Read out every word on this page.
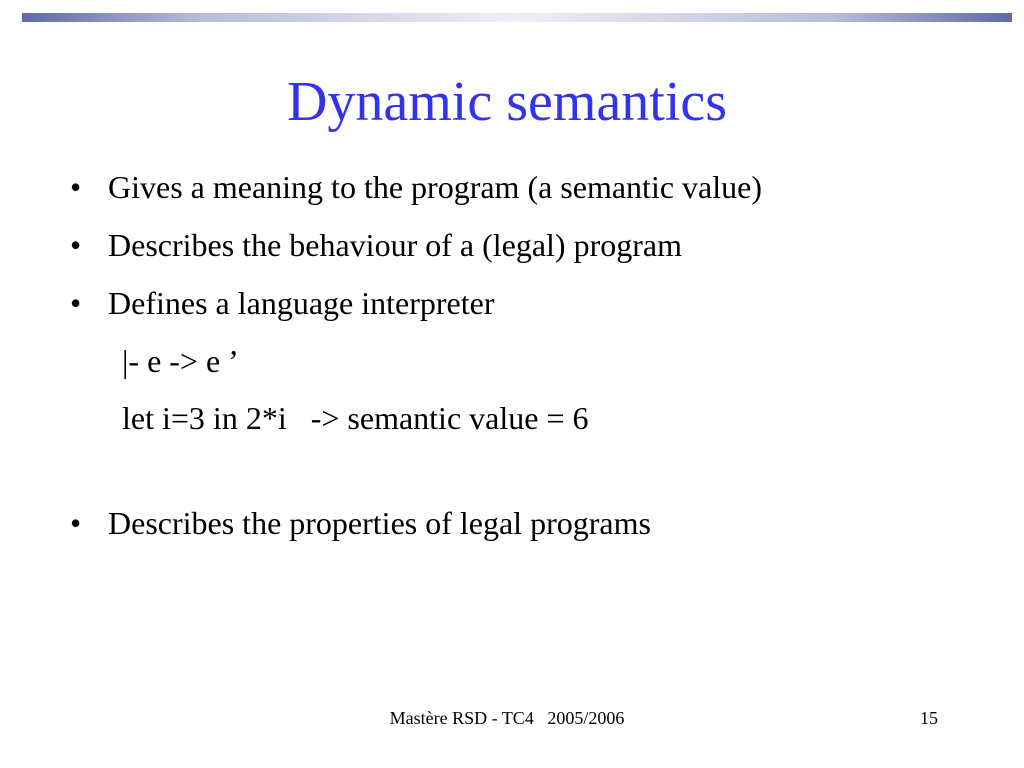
Dynamic semantics
• Gives a meaning to the program (a semantic value)
• Describes the behaviour of a (legal) program
• Defines a language interpreter
• Describes the properties of legal programs
|- e -> e ’
let i=3 in 2*i   -> semantic value = 6
Mastère RSD - TC4   2005/2006	15
